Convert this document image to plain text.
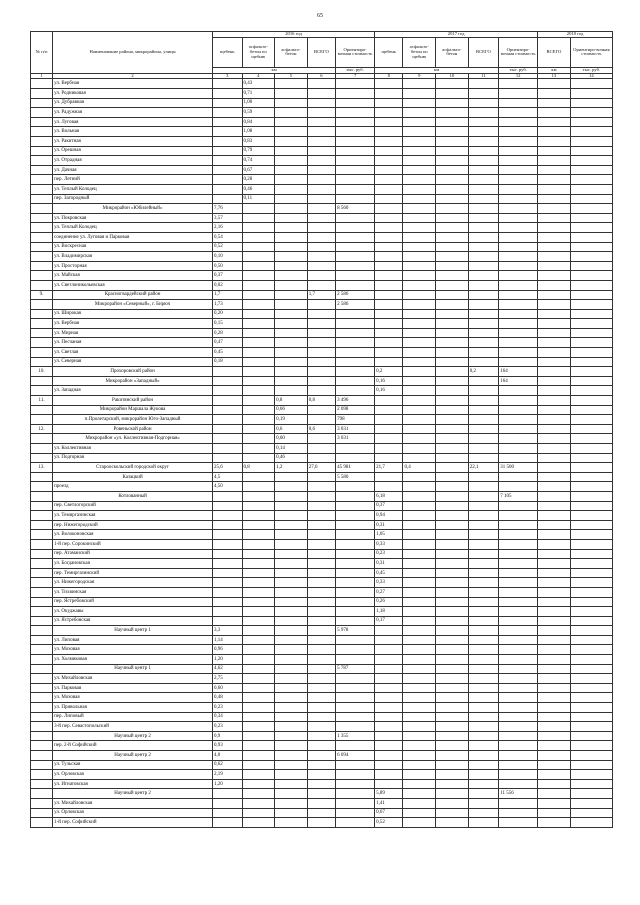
65
№ п/п	Наименование района, микрорайона, улицы	2016 год					2017 год					2018 год	
		щебень	асфальто-бетон по щебню	асфальто-бетон	ВСЕГО	Ориентиро-вочная стоимость	щебень	асфальто-бетон по щебню	асфальто-бетон	ВСЕГО	Ориентиро-вочная стоимость	ВСЕГО	Ориентиро-вочная стоимость
		км				тыс. руб.	км				тыс. руб.	км	тыс. руб.
1	2	3	4	5	6	7	8	9	10	11	12	13	14
	ул. Вербная		0,43										
	ул. Родниковая		0,71										
	ул. Дубравная		1,00										
	ул. Радужная		0,59										
	ул. Луговая		0,84										
	ул. Вольная		1,08										
	ул. Ракитная		0,83										
	ул. Орешная		0,79										
	ул. Отрадная		0,74										
	ул. Дачная		0,67										
	пер. Летний		0,28										
	ул. Теплый Колодец		0,46										
	пер. Загородный		0,11										
	Микрорайон «Юбилейный»	7,76				8 560							
	ул. Покровская	3,57											
	ул. Теплый Колодец	2,16											
	соединение ул. Луговая и Парковая	0,54											
	ул. Воскресная	0,52											
	ул. Владимирская	0,10											
	ул. Просторная	0,50											
	ул. Майская	0,37											
	ул. Светлоникольевская	0,02											
9.	Красногвардейский район	1,7			1,7	2 586							
	Микрорайон «Северный», г. Бирюч	1,73				2 586							
	ул. Широкая	0,20											
	ул. Вербная	0,15											
	ул. Мирная	0,28											
	ул. Песчаная	0,47											
	ул. Светлая	0,45											
	ул. Северная	0,18											
10.	Прохоровский район						0,2			0,2	164		
	Микрорайон «Западный»						0,16				164		
	ул. Западная						0,16						
11.	Ракитянский район			0,8	0,8	3 496							
	Микрорайон Маршала Жукова			0,66		2 698							
	п.Пролетарский, микрорайон Юго-Западный			0,19		798							
12.	Ровеньской район			0,6	0,6	3 031							
	Микрорайон «ул. Коллективная-Подгорная»			0,60		3 031							
	ул. Коллективная			0,14									
	ул. Подгорная			0,46									
13.	Старооскольский городской округ	25,6	0,8	1,2	27,6	45 981	21,7	0,4		22,1	31 500		
	Казацкий	4,5				5 580							
	проезд	4,50											
	Котлованный						6,18				7 105		
	пер. Светлогорский						0,37						
	ул. Темиргазинская						0,94						
	пер. Нижегородский						0,31						
	ул. Волоконовская						1,05						
	1-й пер. Сорокинский						0,33						
	пер. Атаманский						0,23						
	ул. Богдановская						0,31						
	пер. Темиргазинский						0,45						
	ул. Нижегородская						0,33						
	ул. Тихвинская						0,27						
	пер. Ястребовский						0,26						
	ул. Окуджавы						1,18						
	ул. Ястребовская						0,17						
	Научный центр 1	3,3				5 978							
	ул. Липовая	1,14											
	ул. Моховая	0,96											
	ул. Холмиковая	1,20											
	Научный центр 1	4,62				5 787							
	ул. Михайловская	2,75											
	ул. Парковая	0,60											
	ул. Моховая	0,48											
	ул. Привольная	0,23											
	пер. Липовый	0,34											
	3-й пер. Севастопольский	0,23											
	Научный центр 2	0,9				1 355							
	пер. 2-й Софийский	0,93											
	Научный центр 2	4,0				6 694							
	ул. Тульская	0,62											
	ул. Орловская	2,19											
	ул. Игнатовская	1,20											
	Научный центр 2						5,89				11 556		
	ул. Михайловская						1,41						
	ул. Орловская						0,67						
	1-й пер. Софийский						0,52						
